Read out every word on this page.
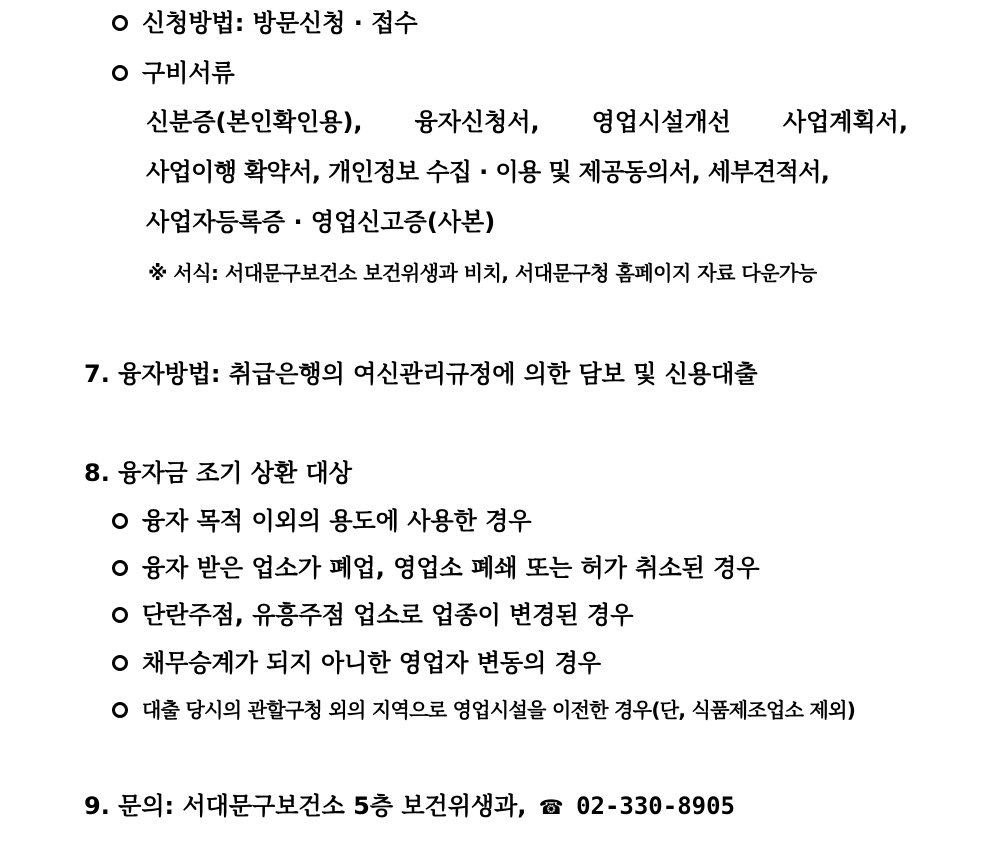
신청방법: 방문신청 · 접수
구비서류
신분증(본인확인용), 융자신청서, 영업시설개선 사업계획서,
사업이행 확약서, 개인정보 수집 · 이용 및 제공동의서, 세부견적서,
사업자등록증 · 영업신고증(사본)
※ 서식: 서대문구보건소 보건위생과 비치, 서대문구청 홈페이지 자료 다운가능
7. 융자방법: 취급은행의 여신관리규정에 의한 담보 및 신용대출
8. 융자금 조기 상환 대상
융자 목적 이외의 용도에 사용한 경우
융자 받은 업소가 폐업, 영업소 폐쇄 또는 허가 취소된 경우
단란주점, 유흥주점 업소로 업종이 변경된 경우
채무승계가 되지 아니한 영업자 변동의 경우
대출 당시의 관할구청 외의 지역으로 영업시설을 이전한 경우(단, 식품제조업소 제외)
9. 문의: 서대문구보건소 5층 보건위생과, ☎ 02-330-8905
